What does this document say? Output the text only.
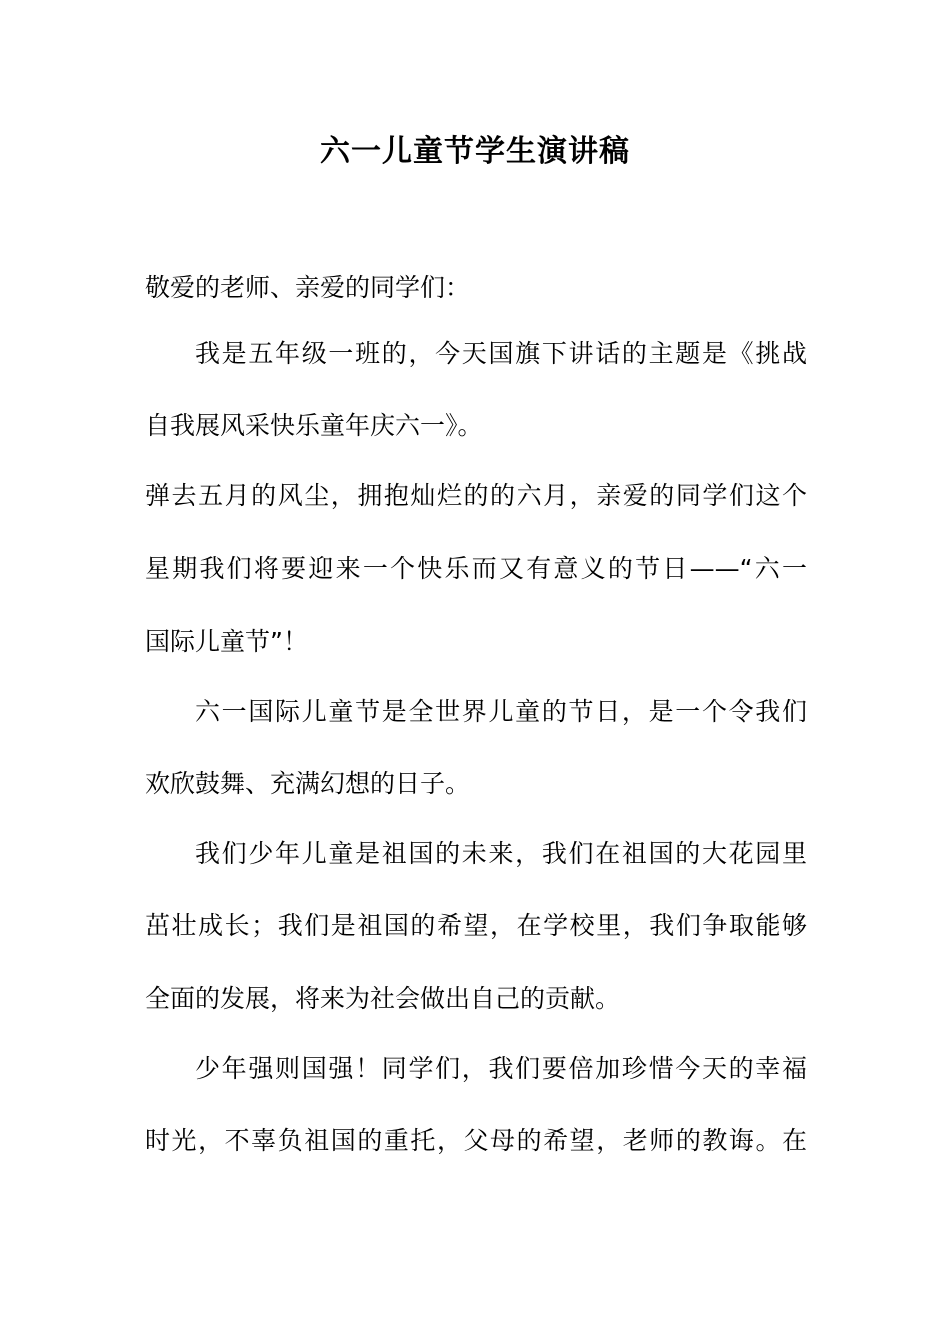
六一儿童节学生演讲稿
敬爱的老师、亲爱的同学们：
我是五年级一班的，今天国旗下讲话的主题是《挑战
自我展风采快乐童年庆六一》。
弹去五月的风尘，拥抱灿烂的的六月，亲爱的同学们这个
星期我们将要迎来一个快乐而又有意义的节日——“六一
国际儿童节”！
六一国际儿童节是全世界儿童的节日，是一个令我们
欢欣鼓舞、充满幻想的日子。
我们少年儿童是祖国的未来，我们在祖国的大花园里
茁壮成长；我们是祖国的希望，在学校里，我们争取能够
全面的发展，将来为社会做出自己的贡献。
少年强则国强！同学们，我们要倍加珍惜今天的幸福
时光，不辜负祖国的重托，父母的希望，老师的教诲。在
